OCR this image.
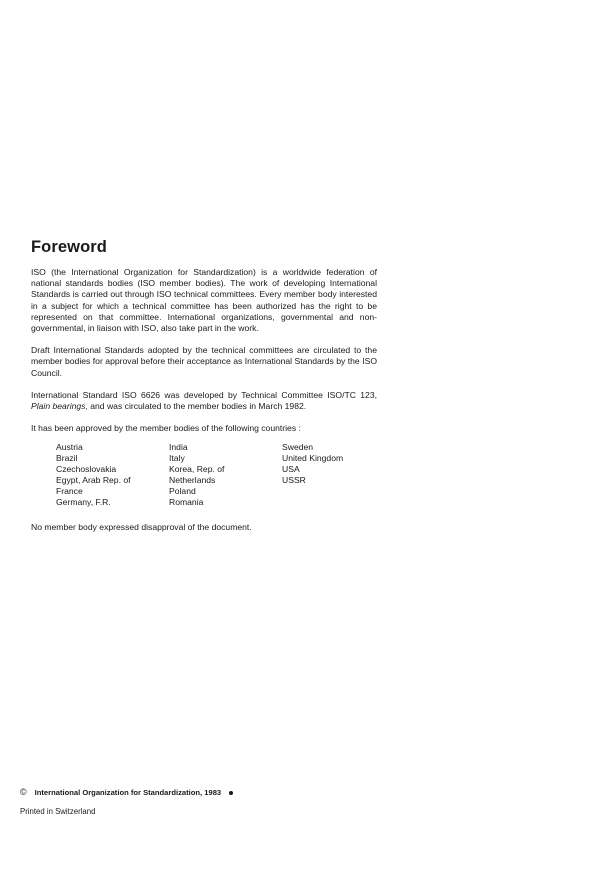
Foreword

ISO (the International Organization for Standardization) is a worldwide federation of national standards bodies (ISO member bodies). The work of developing International Standards is carried out through ISO technical committees. Every member body interested in a subject for which a technical committee has been authorized has the right to be represented on that committee. International organizations, governmental and non-governmental, in liaison with ISO, also take part in the work.

Draft International Standards adopted by the technical committees are circulated to the member bodies for approval before their acceptance as International Standards by the ISO Council.

International Standard ISO 6626 was developed by Technical Committee ISO/TC 123, Plain bearings, and was circulated to the member bodies in March 1982.

It has been approved by the member bodies of the following countries :

Austria
Brazil
Czechoslovakia
Egypt, Arab Rep. of
France
Germany, F.R.
India
Italy
Korea, Rep. of
Netherlands
Poland
Romania
Sweden
United Kingdom
USA
USSR

No member body expressed disapproval of the document.

© International Organization for Standardization, 1983
Printed in Switzerland
